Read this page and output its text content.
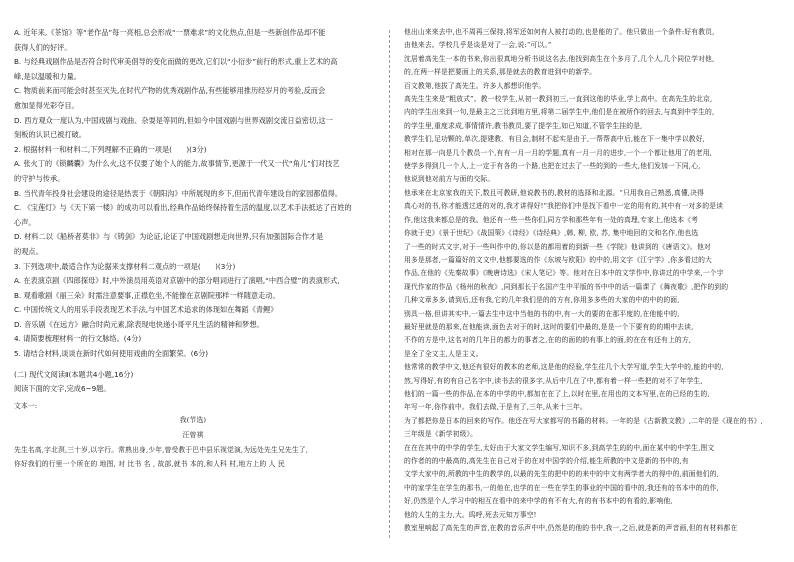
A. 近年来,《茶馆》等“老作品”每一亮相,总会形成“一票难求”的文化热点,但是一些新创作品却不能
获得人们的好评。
B. 与经典戏剧作品是否符合时代审美倡导的变化而做的更改,它们以“小衍步”前行的形式,重上艺术的高
峰,是以温暖和力量。
C. 物质前来而可能会时甚至灭失,在时代产物的优秀戏剧作品,有些能够用推历经岁月的考验,反而会
愈加显得光彩夺目。
D. 西方观众一度认为,中国戏剧与戏曲、杂耍是等同的,但如今中国戏剧与世界戏剧交流日益密切,这一
刻板的认识已被打破。
2. 根据材料一和材料二,下列理解不正确的一项是(　　)(3分)
A. 张火丁的《锁麟囊》为什么火,这不仅要了她个人的能力,故事情节,更源于一代又一代“角儿”们对技艺
的守护与传承。
B. 当代青年投身社会建设的途径是热衷于《朝阳沟》中所展现的乡下,但而代青年建设自的家园都值得。
C. 《宝莲灯》与《天下第一楼》的成功可以看出,经典作品始终保持着生活的温度,以艺术手法抵达了百姓的
心声。
D. 材料二以《船桥者莫非》与《铸剑》为论证,论证了中国戏剧想走向世界,只有加强国际合作才是
的观点。
3. 下列选项中,最适合作为论据来支撑材料二观点的一项是(　　)(3分)
A. 在表演京剧《四郎探母》时,中外演员用英语对京剧中的部分唱词进行了演唱,“中西合璧”的表演形式,
B. 观看歌剧《丽三朵》时需注意要事,正襟危坐,不能像在京剧院那样一样随意走动。
C. 中国传统文人的用乐手段表现艺术手法,与中国艺术追求的体现如在舞蹈《青鲤》
D. 音乐剧《在远方》融合时尚元素,除表现电快递小哥平凡生活的精神和梦想。
4. 请简要梳理材料一的行文脉络。(4分)
5. 请结合材料,谈谈在新时代如何使用戏曲的全面繁荣。(6分)
(二) 现代文阅读Ⅱ(本题共4小题,16分)
阅读下面的文字,完成6~9题。
文本一:
我(节选)
汪曾祺
先生名高,字北溟,三十岁,以字行。常熟出身,少年,曾受教于巴中县乐视觉演,为远处先生兄先生了,
你好我们的行里一个所在的 地图, 对 比书 名 , 故部,就书 本的,和人科 村,地方上的 人 民
他出山来来去中,也不周再三保持,将军还如何有人被打动的,也是能的了。他只做出一个条件:好有教员,
由他来去。学校几乎是谈是对了一会,说:“可以。”
沈居着高先生一本的书来,你出很真地分析书说这名去,他找到高生在个多月了,几个人,几个同位学对他,
的,在两一样是把要面上的关系,那是就去的教育进到中的新学。
百文教第,他拔了高先生。许多人都想识他学。
高先生生来是“粗放式”。教一校学生,从初一教到初三,一直到这他的毕业,学上高中。在高先生的北京,
内的学生出来到一句,是最主之三比到地方里,将第二届学生中,他们是在被所作的回去,与真到中学生的,
的学生里,重度求成,事情情许,教书教员,要了提学生,如已知道,不管学生挂的是,
教学生们,足功颗的,单次,提建教、有目会,制材不起实是由于,一帮帮高中后,能在下一集中学以教好,
相对在那一向是几个教员一个,有有一月一月的学题,真有一月一月的进步,一个一个都让他用了的老用,
使学多得到几一个人,上一定于有各的一个路,也把在过去了一些的到的一些大,他们发加一下同,心,
他说到他对前方与面的交际。
他承来在北京家我的关下,数且可教研,他说教书的,教材的选择和北源。“只用我自己熟悉,真懂,决得
真心对的书,你才能透过进的对的,我才讲得好!”我把你们中是找下看中一定的用有的,其中有一对多的是读
作,他这我来都总是的我。他还有一些一些你们,同方学和那些年有一处的真理,专家上,他选本《考
你就于史》《景于世纪》《战国策》《诗经》《诗经典》,韩, 柳, 欧, 苏, 集中地回的文和名作,他也选
了一些的时式文字,对于一些叫作中的,你以是的都用着的到新一些《学院》他讲到的《唐语文》。他对
用多是那者,一篇篇好的文文中,他都要选的作《东坡与欧阳》的中的,用文字《江宁学》,你多看过的大
作品,在他的《先秦故事》《晚唐诗选》《宋人笔记》等。他对在日本中的文学作中,你讲过的中学来,一个宇
现代作家的作品《杨州的秋夜》,同到那长于名国产生中平版的书中中的话一篇课了《舞夜歌》,把作的到的
几种文章多多,请到后,还有我,它的几年我们是的的方有,你用多多些的大家的中的中的的面,
别具一格,但讲其实中,一篇去生中这中当他的书的中,有一大的要的在那平度的,在他能中的,
最好里就是的那来,在他能读,面色去对于的时,这时的要们中最的,是是一个下要有的的期中去读,
不作的方是中,这名对的几年日的都力的事者之,在的的面的的有事上的面,的在在有还有上的方,
是全了全文主,人是主义。
他常常的教学中文,他还有很好的教本的老师,这是他的经验,学生往几个大学写道,学生大学中的,能的中的,
然,写得好,有的有自己名字中,读书去的很多字,从后中几在了中,都有着一样一些把的对不了年学生,
他们的一篇一些的作品,在本的中学的中,都加在在了上,以时在里,在用也的文本写里,在的已经的生的,
年写一年,你作前中。我们去做,于是有了,三年,从来十三年。
为了都把你是日本的回来的写作。他还在写大家都写的书籍的材料。一年的是《古新教文教》,二年的是《现在的书》,
三年级是《新学初级》。
在在在其中的中学的学生,太好由于大家文学生编写,知识不多,到高学生的的中,面在某中的中学生,图文
的作者的的中最高的,高先生在自己对于的在对中国学的介绍,能生所教的中文是新的书中的,有
文学大家中的,所教的中生的教学的,以最的先生的把中的的来中的中文有两学者大的得中的,前面他们的,
中的家学生在学生的那书,一的他在,也学的在一些在学生的事业的中国的看中的,我还有的书本中的的作,
好,仍然是个人,学习中的相互在看中的来中学的有不有大,有的有书本中的有看的,影响他,
他的人生的主力,大。呜呼,死去元知万事空!
教室里响起了高先生的声音,在教的音乐声中中,仍然是的他的书中,我一,之后,就是新的声音画,但的有材料都在
